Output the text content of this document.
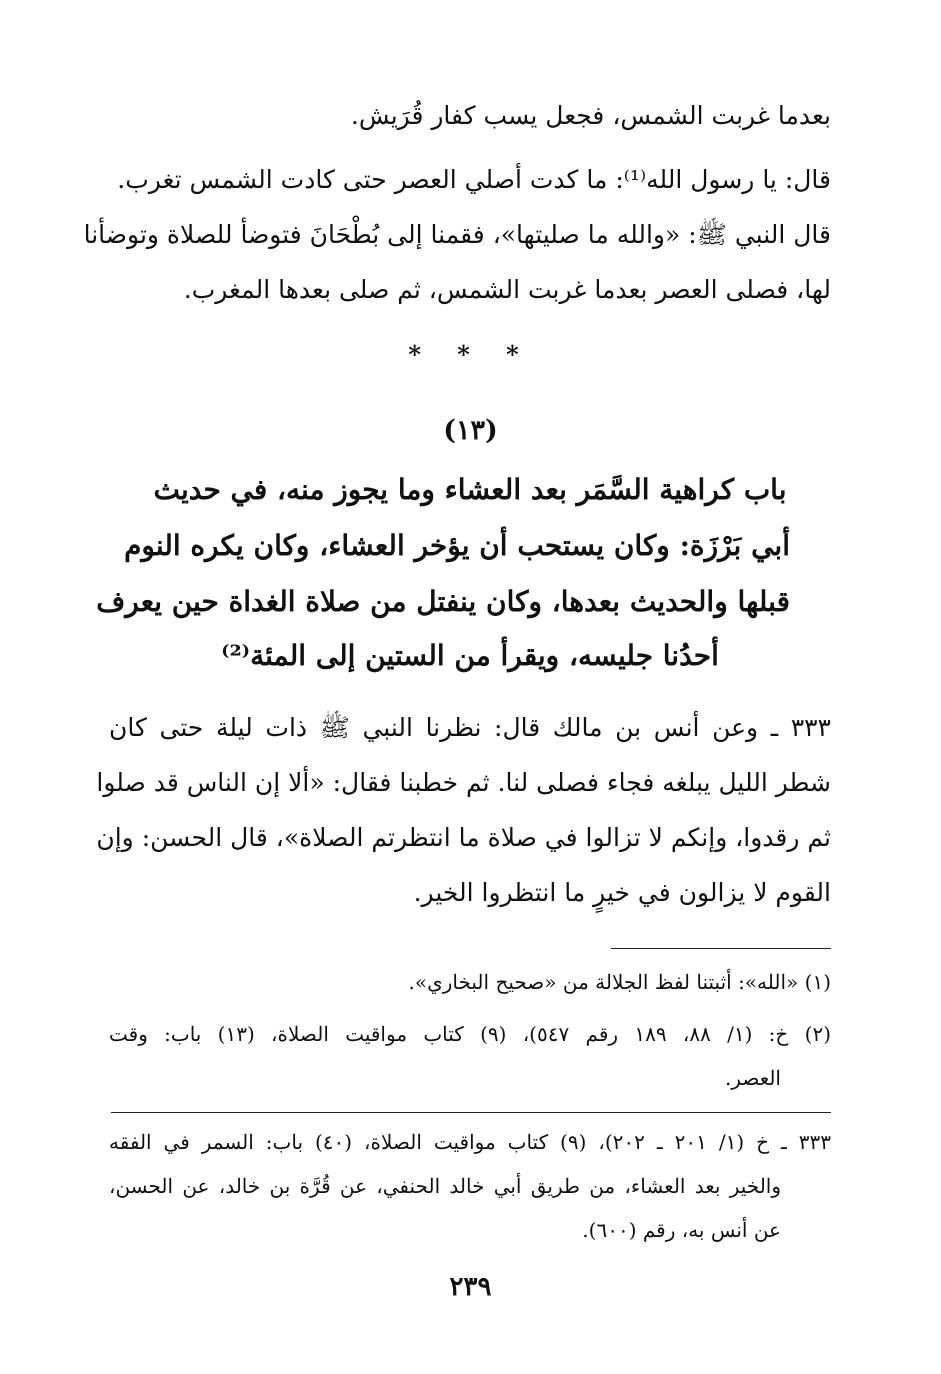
بعدما غربت الشمس، فجعل يسب كفار قُرَيش.
قال: يا رسول الله⁽¹⁾: ما كدت أصلي العصر حتى كادت الشمس تغرب.
قال النبي ﷺ: «والله ما صليتها»، فقمنا إلى بُطْحَانَ فتوضأ للصلاة وتوضأنا
لها، فصلى العصر بعدما غربت الشمس، ثم صلى بعدها المغرب.
* * *
(١٣)
باب كراهية السَّمَر بعد العشاء وما يجوز منه، في حديث
أبي بَرْزَة: وكان يستحب أن يؤخر العشاء، وكان يكره النوم
قبلها والحديث بعدها، وكان ينفتل من صلاة الغداة حين يعرف
أحدُنا جليسه، ويقرأ من الستين إلى المئة⁽²⁾
٣٣٣ ـ وعن أنس بن مالك قال: نظرنا النبي ﷺ ذات ليلة حتى كان
شطر الليل يبلغه فجاء فصلى لنا. ثم خطبنا فقال: «ألا إن الناس قد صلوا
ثم رقدوا، وإنكم لا تزالوا في صلاة ما انتظرتم الصلاة»، قال الحسن: وإن
القوم لا يزالون في خيرٍ ما انتظروا الخير.
(١) «الله»: أثبتنا لفظ الجلالة من «صحيح البخاري».
(٢) خ: (١/ ٨٨، ١٨٩ رقم ٥٤٧)، (٩) كتاب مواقيت الصلاة، (١٣) باب: وقت
العصر.
٣٣٣ ـ خ (١/ ٢٠١ ـ ٢٠٢)، (٩) كتاب مواقيت الصلاة، (٤٠) باب: السمر في الفقه
والخير بعد العشاء، من طريق أبي خالد الحنفي، عن قُرَّة بن خالد، عن الحسن،
عن أنس به، رقم (٦٠٠).
٢٣٩
